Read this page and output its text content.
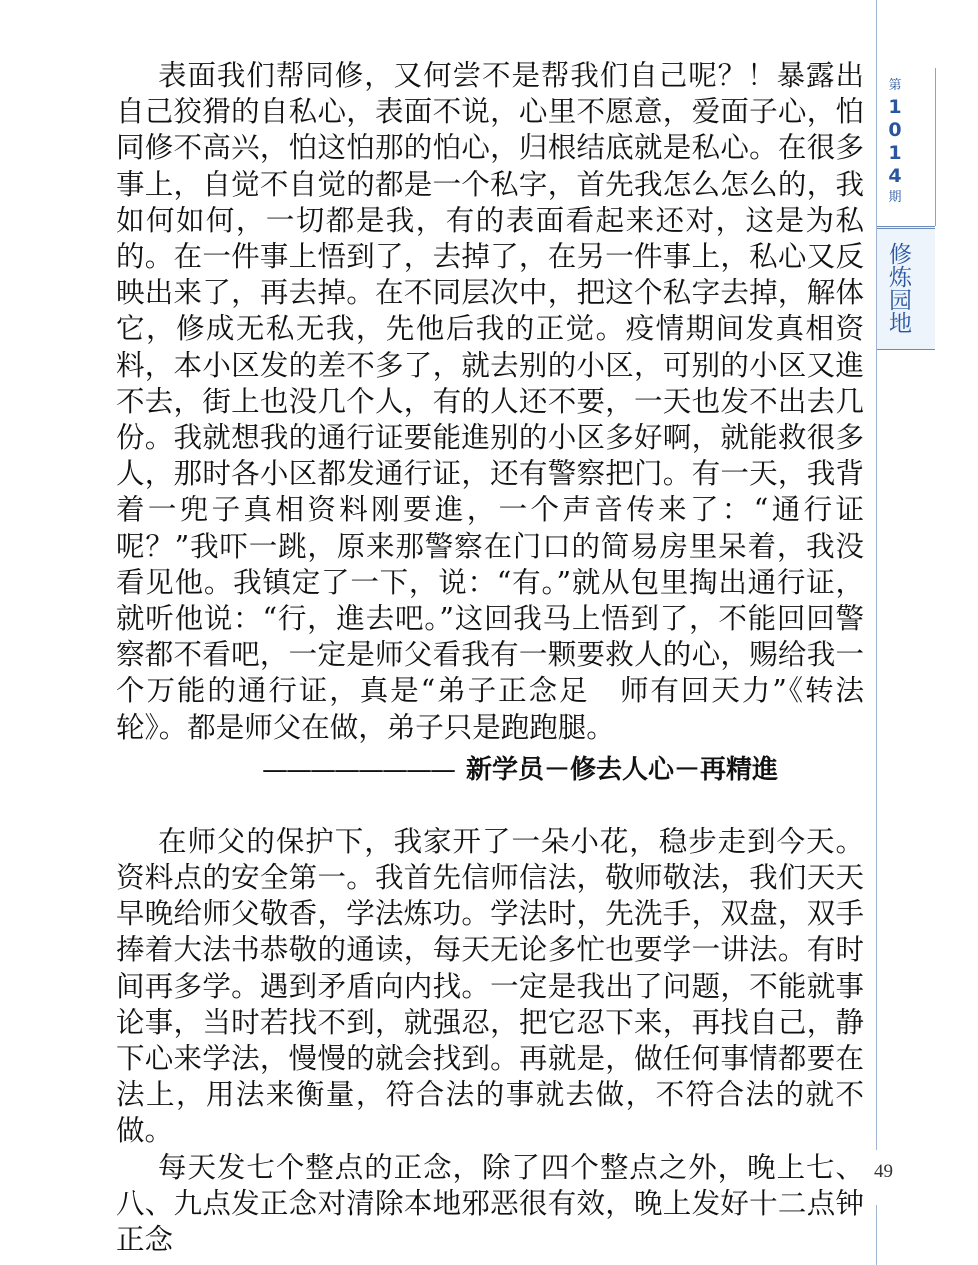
表面我们帮同修，又何尝不是帮我们自己呢？！暴露出自己狡猾的自私心，表面不说，心里不愿意，爱面子心，怕同修不高兴，怕这怕那的怕心，归根结底就是私心。在很多事上，自觉不自觉的都是一个私字，首先我怎么怎么的，我如何如何，一切都是我，有的表面看起来还对，这是为私的。在一件事上悟到了，去掉了，在另一件事上，私心又反映出来了，再去掉。在不同层次中，把这个私字去掉，解体它，修成无私无我，先他后我的正觉。疫情期间发真相资料，本小区发的差不多了，就去别的小区，可别的小区又進不去，街上也没几个人，有的人还不要，一天也发不出去几份。我就想我的通行证要能進别的小区多好啊，就能救很多人，那时各小区都发通行证，还有警察把门。有一天，我背着一兜子真相资料刚要進，一个声音传来了：“通行证呢？”我吓一跳，原来那警察在门口的简易房里呆着，我没看见他。我镇定了一下，说：“有。”就从包里掏出通行证，就听他说：“行，進去吧。”这回我马上悟到了，不能回回警察都不看吧，一定是师父看我有一颗要救人的心，赐给我一个万能的通行证，真是“弟子正念足　师有回天力”《转法轮》。都是师父在做，弟子只是跑跑腿。

———————— 新学员－修去人心－再精進

在师父的保护下，我家开了一朵小花，稳步走到今天。资料点的安全第一。我首先信师信法，敬师敬法，我们天天早晚给师父敬香，学法炼功。学法时，先洗手，双盘，双手捧着大法书恭敬的通读，每天无论多忙也要学一讲法。有时间再多学。遇到矛盾向内找。一定是我出了问题，不能就事论事，当时若找不到，就强忍，把它忍下来，再找自己，静下心来学法，慢慢的就会找到。再就是，做任何事情都要在法上，用法来衡量，符合法的事就去做，不符合法的就不做。

每天发七个整点的正念，除了四个整点之外，晚上七、八、九点发正念对清除本地邪恶很有效，晚上发好十二点钟正念

第
1
0
1
4
期
修炼园地
49
